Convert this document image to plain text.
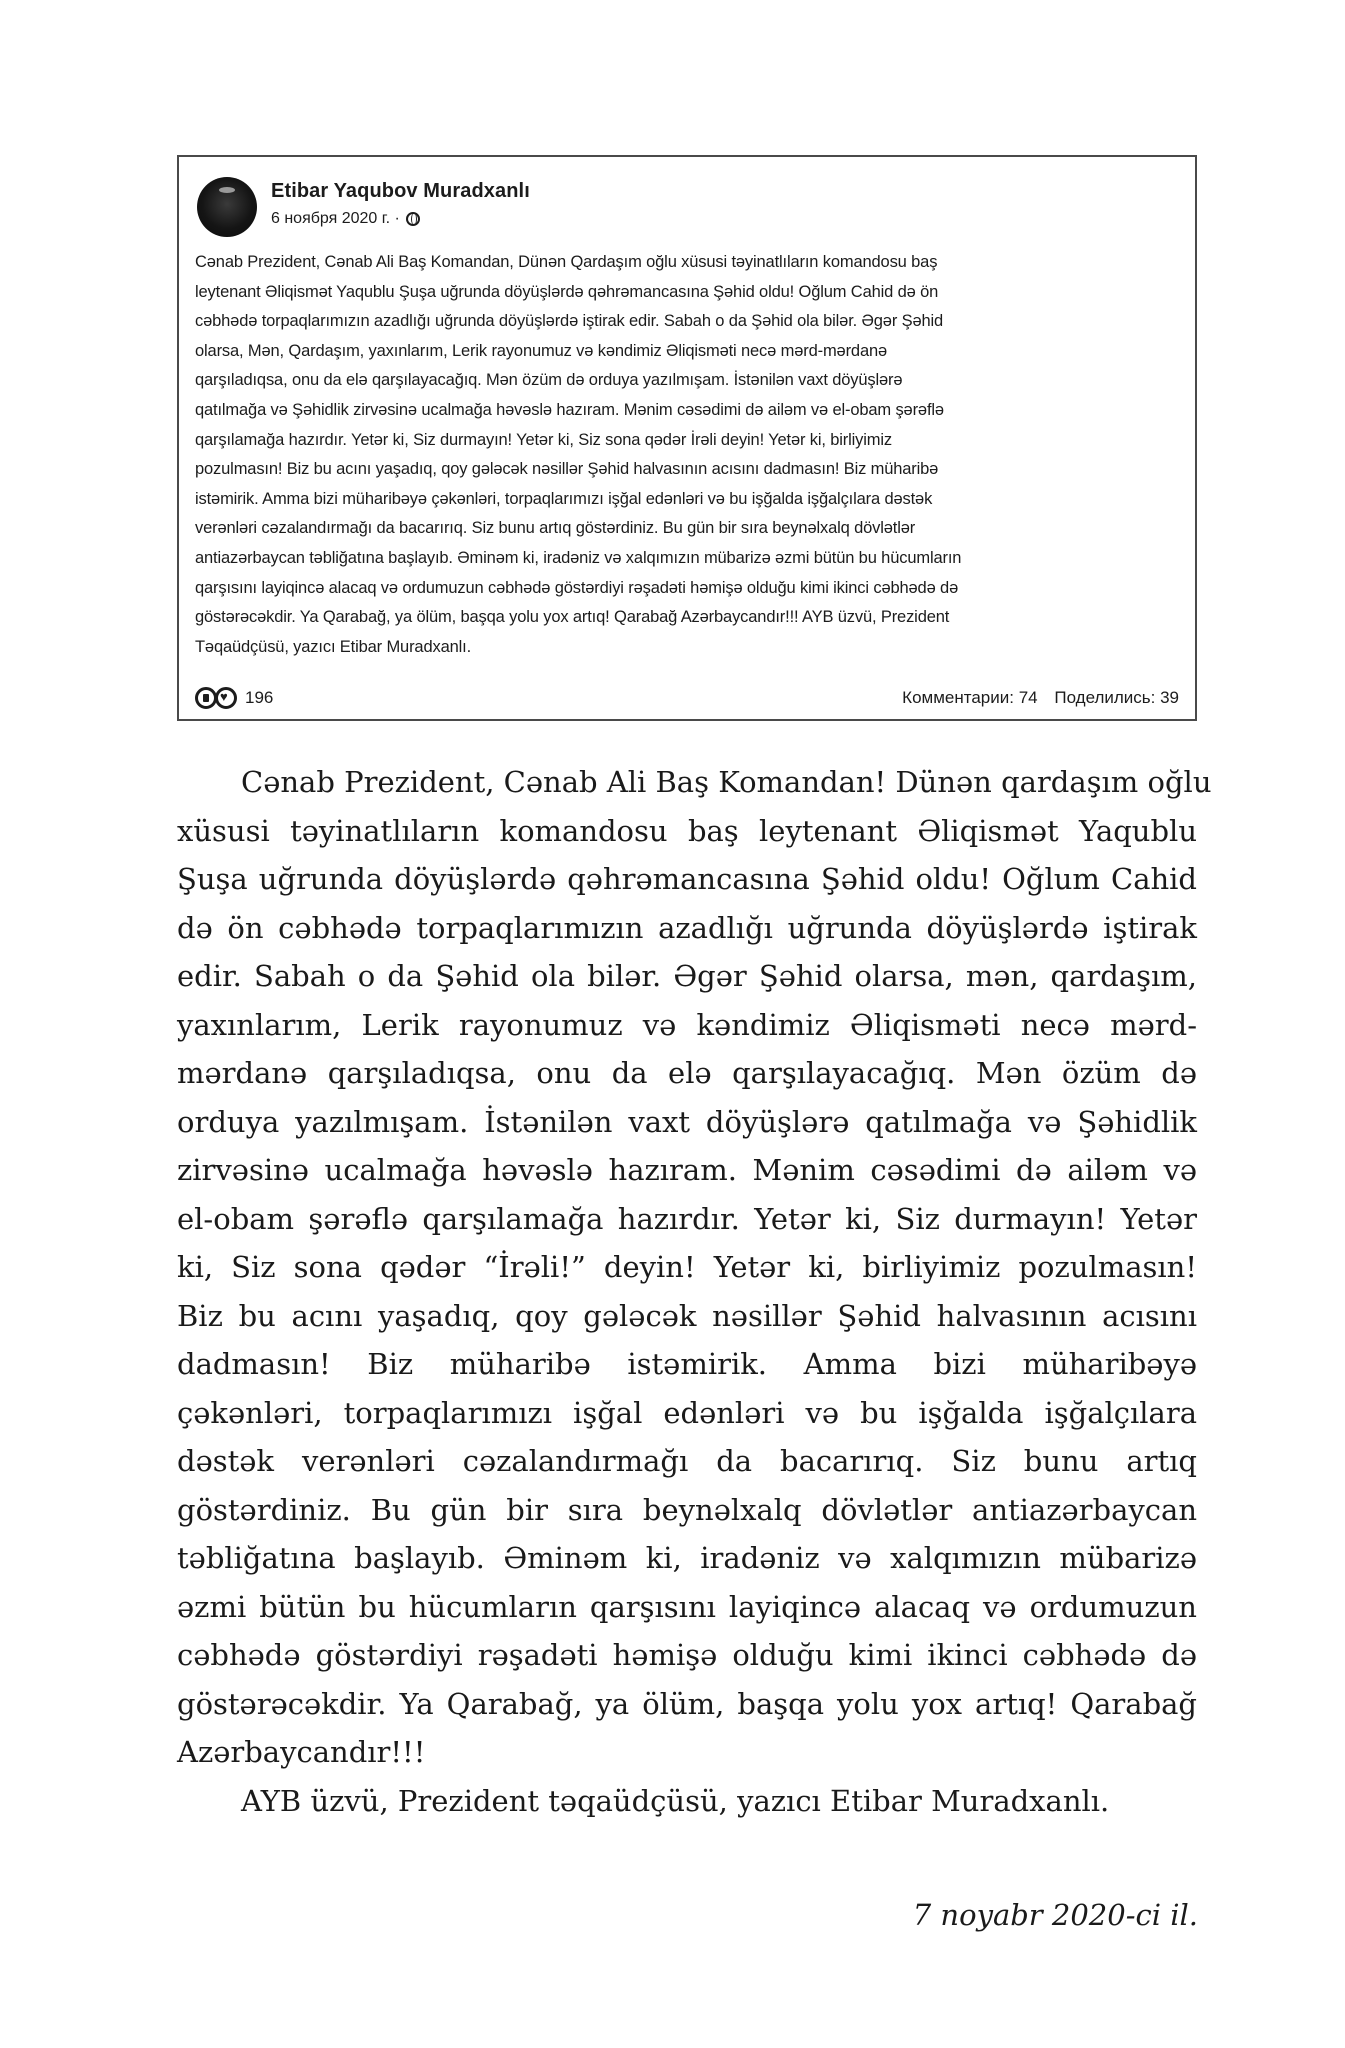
Etibar Yaqubov Muradxanlı
6 ноября 2020 г. ·
Cənab Prezident, Cənab Ali Baş Komandan, Dünən Qardaşım oğlu xüsusi təyinatlıların komandosu baş
leytenant Əliqismət Yaqublu Şuşa uğrunda döyüşlərdə qəhrəmancasına Şəhid oldu! Oğlum Cahid də ön
cəbhədə torpaqlarımızın azadlığı uğrunda döyüşlərdə iştirak edir. Sabah o da Şəhid ola bilər. Əgər Şəhid
olarsa, Mən, Qardaşım, yaxınlarım, Lerik rayonumuz və kəndimiz Əliqisməti necə mərd-mərdanə
qarşıladıqsa, onu da elə qarşılayacağıq. Mən özüm də orduya yazılmışam. İstənilən vaxt döyüşlərə
qatılmağa və Şəhidlik zirvəsinə ucalmağa həvəslə hazıram. Mənim cəsədimi də ailəm və el-obam şərəflə
qarşılamağa hazırdır. Yetər ki, Siz durmayın! Yetər ki, Siz sona qədər İrəli deyin! Yetər ki, birliyimiz
pozulmasın! Biz bu acını yaşadıq, qoy gələcək nəsillər Şəhid halvasının acısını dadmasın! Biz müharibə
istəmirik. Amma bizi müharibəyə çəkənləri, torpaqlarımızı işğal edənləri və bu işğalda işğalçılara dəstək
verənləri cəzalandırmağı da bacarırıq. Siz bunu artıq göstərdiniz. Bu gün bir sıra beynəlxalq dövlətlər
antiazərbaycan təbliğatına başlayıb. Əminəm ki, iradəniz və xalqımızın mübarizə əzmi bütün bu hücumların
qarşısını layiqincə alacaq və ordumuzun cəbhədə göstərdiyi rəşadəti həmişə olduğu kimi ikinci cəbhədə də
göstərəcəkdir. Ya Qarabağ, ya ölüm, başqa yolu yox artıq! Qarabağ Azərbaycandır!!! AYB üzvü, Prezident
Təqaüdçüsü, yazıcı Etibar Muradxanlı.
♥
196	Комментарии: 74 Поделились: 39
Cənab Prezident, Cənab Ali Baş Komandan! Dünən qardaşım oğlu
xüsusi təyinatlıların komandosu baş leytenant Əliqismət Yaqublu
Şuşa uğrunda döyüşlərdə qəhrəmancasına Şəhid oldu! Oğlum Cahid
də ön cəbhədə torpaqlarımızın azadlığı uğrunda döyüşlərdə iştirak
edir. Sabah o da Şəhid ola bilər. Əgər Şəhid olarsa, mən, qardaşım,
yaxınlarım, Lerik rayonumuz və kəndimiz Əliqisməti necə mərd-
mərdanə qarşıladıqsa, onu da elə qarşılayacağıq. Mən özüm də
orduya yazılmışam. İstənilən vaxt döyüşlərə qatılmağa və Şəhidlik
zirvəsinə ucalmağa həvəslə hazıram. Mənim cəsədimi də ailəm və
el-obam şərəflə qarşılamağa hazırdır. Yetər ki, Siz durmayın! Yetər
ki, Siz sona qədər “İrəli!” deyin! Yetər ki, birliyimiz pozulmasın!
Biz bu acını yaşadıq, qoy gələcək nəsillər Şəhid halvasının acısını
dadmasın! Biz müharibə istəmirik. Amma bizi müharibəyə
çəkənləri, torpaqlarımızı işğal edənləri və bu işğalda işğalçılara
dəstək verənləri cəzalandırmağı da bacarırıq. Siz bunu artıq
göstərdiniz. Bu gün bir sıra beynəlxalq dövlətlər antiazərbaycan
təbliğatına başlayıb. Əminəm ki, iradəniz və xalqımızın mübarizə
əzmi bütün bu hücumların qarşısını layiqincə alacaq və ordumuzun
cəbhədə göstərdiyi rəşadəti həmişə olduğu kimi ikinci cəbhədə də
göstərəcəkdir. Ya Qarabağ, ya ölüm, başqa yolu yox artıq! Qarabağ
Azərbaycandır!!!
AYB üzvü, Prezident təqaüdçüsü, yazıcı Etibar Muradxanlı.
7 noyabr 2020-ci il.
